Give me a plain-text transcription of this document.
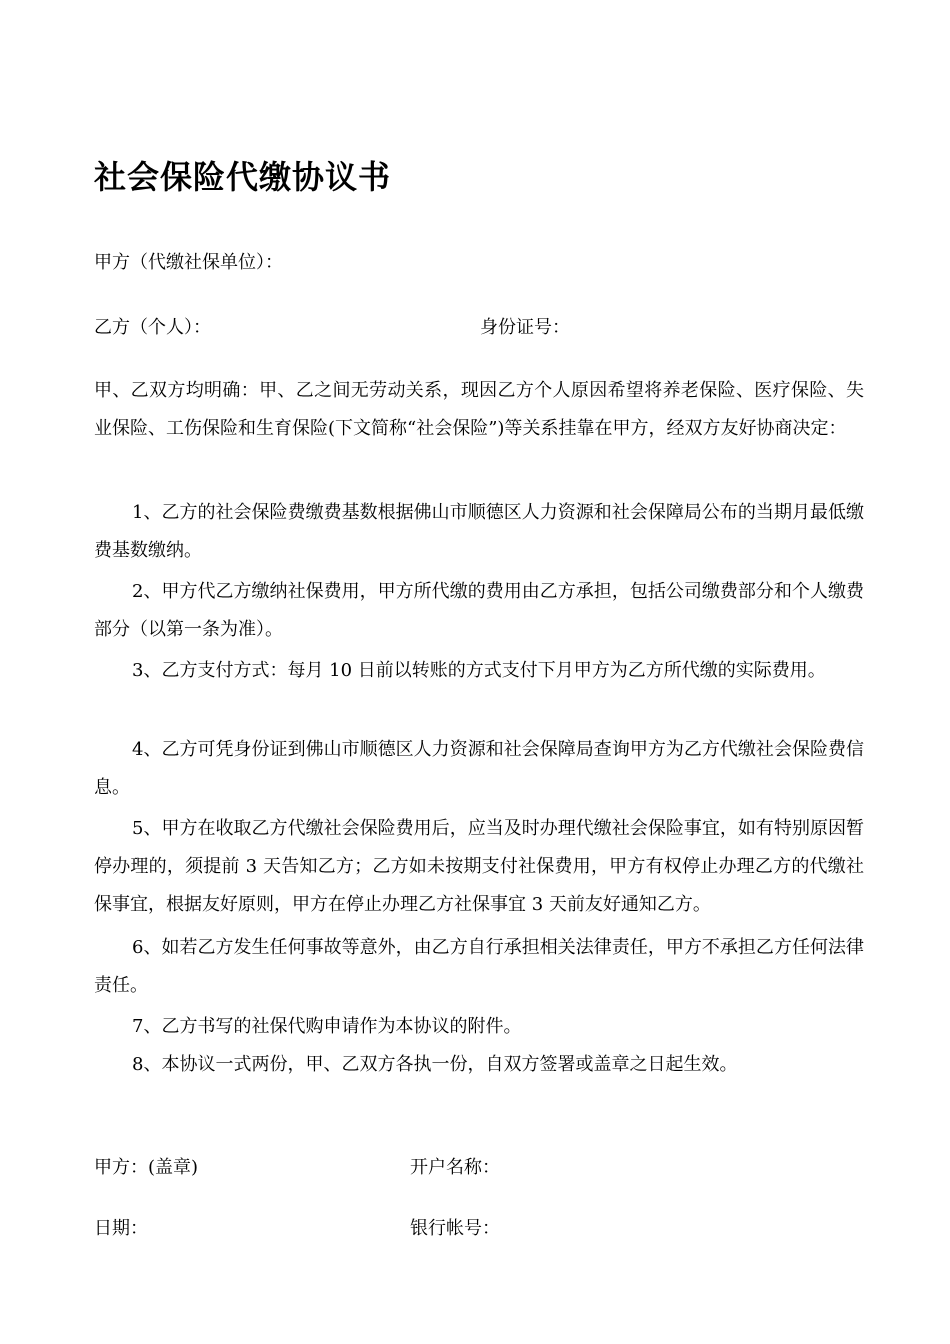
社会保险代缴协议书
甲方（代缴社保单位）：
乙方（个人）：	身份证号：
甲、乙双方均明确：甲、乙之间无劳动关系，现因乙方个人原因希望将养老保险、医疗保险、失业保险、工伤保险和生育保险(下文简称“社会保险”)等关系挂靠在甲方，经双方友好协商决定：
1、乙方的社会保险费缴费基数根据佛山市顺德区人力资源和社会保障局公布的当期月最低缴费基数缴纳。
2、甲方代乙方缴纳社保费用，甲方所代缴的费用由乙方承担，包括公司缴费部分和个人缴费部分（以第一条为准）。
3、乙方支付方式：每月 10 日前以转账的方式支付下月甲方为乙方所代缴的实际费用。
4、乙方可凭身份证到佛山市顺德区人力资源和社会保障局查询甲方为乙方代缴社会保险费信息。
5、甲方在收取乙方代缴社会保险费用后，应当及时办理代缴社会保险事宜，如有特别原因暂停办理的，须提前 3 天告知乙方；乙方如未按期支付社保费用，甲方有权停止办理乙方的代缴社保事宜，根据友好原则，甲方在停止办理乙方社保事宜 3 天前友好通知乙方。
6、如若乙方发生任何事故等意外，由乙方自行承担相关法律责任，甲方不承担乙方任何法律责任。
7、乙方书写的社保代购申请作为本协议的附件。
8、本协议一式两份，甲、乙双方各执一份，自双方签署或盖章之日起生效。
甲方：(盖章)	开户名称：
日期：	银行帐号：
